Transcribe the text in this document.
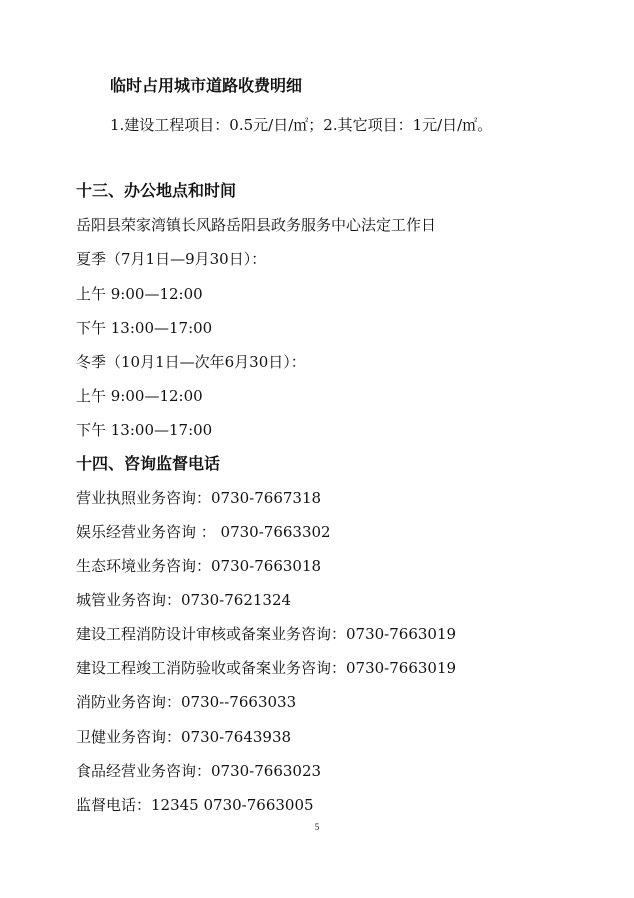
临时占用城市道路收费明细
1.建设工程项目：0.5元/日/㎡；2.其它项目：1元/日/㎡。
十三、办公地点和时间
岳阳县荣家湾镇长风路岳阳县政务服务中心法定工作日
夏季（7月1日—9月30日）：
上午 9:00—12:00
下午 13:00—17:00
冬季（10月1日—次年6月30日）：
上午 9:00—12:00
下午 13:00—17:00
十四、咨询监督电话
营业执照业务咨询：0730-7667318
娱乐经营业务咨询 ： 0730-7663302
生态环境业务咨询：0730-7663018
城管业务咨询：0730-7621324
建设工程消防设计审核或备案业务咨询：0730-7663019
建设工程竣工消防验收或备案业务咨询：0730-7663019
消防业务咨询：0730--7663033
卫健业务咨询：0730-7643938
食品经营业务咨询：0730-7663023
监督电话：12345 0730-7663005
5
